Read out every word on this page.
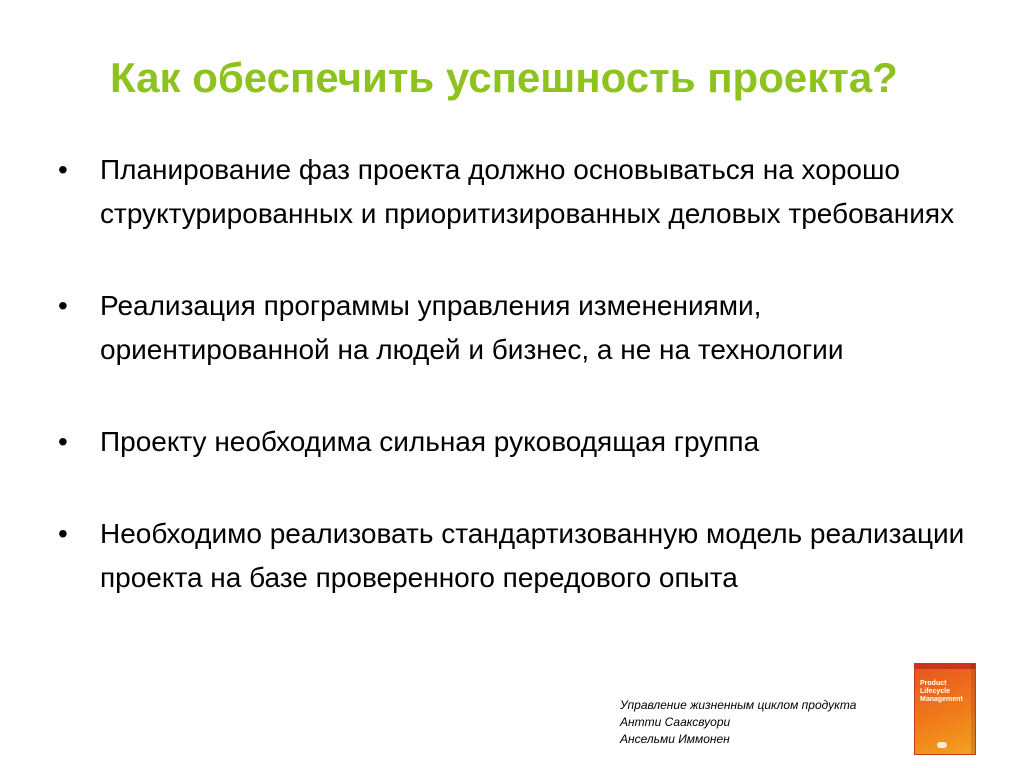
Как обеспечить успешность проекта?
•	Планирование фаз проекта должно основываться на хорошо структурированных и приоритизированных деловых требованиях
•	Реализация программы управления изменениями, ориентированной на людей и бизнес, а не на технологии
•	Проекту необходима сильная руководящая группа
•	Необходимо реализовать стандартизованную модель реализации проекта на базе проверенного передового опыта
Управление жизненным циклом продукта
Антти Сааксвуори
Ансельми Иммонен
Product Lifecycle Management
